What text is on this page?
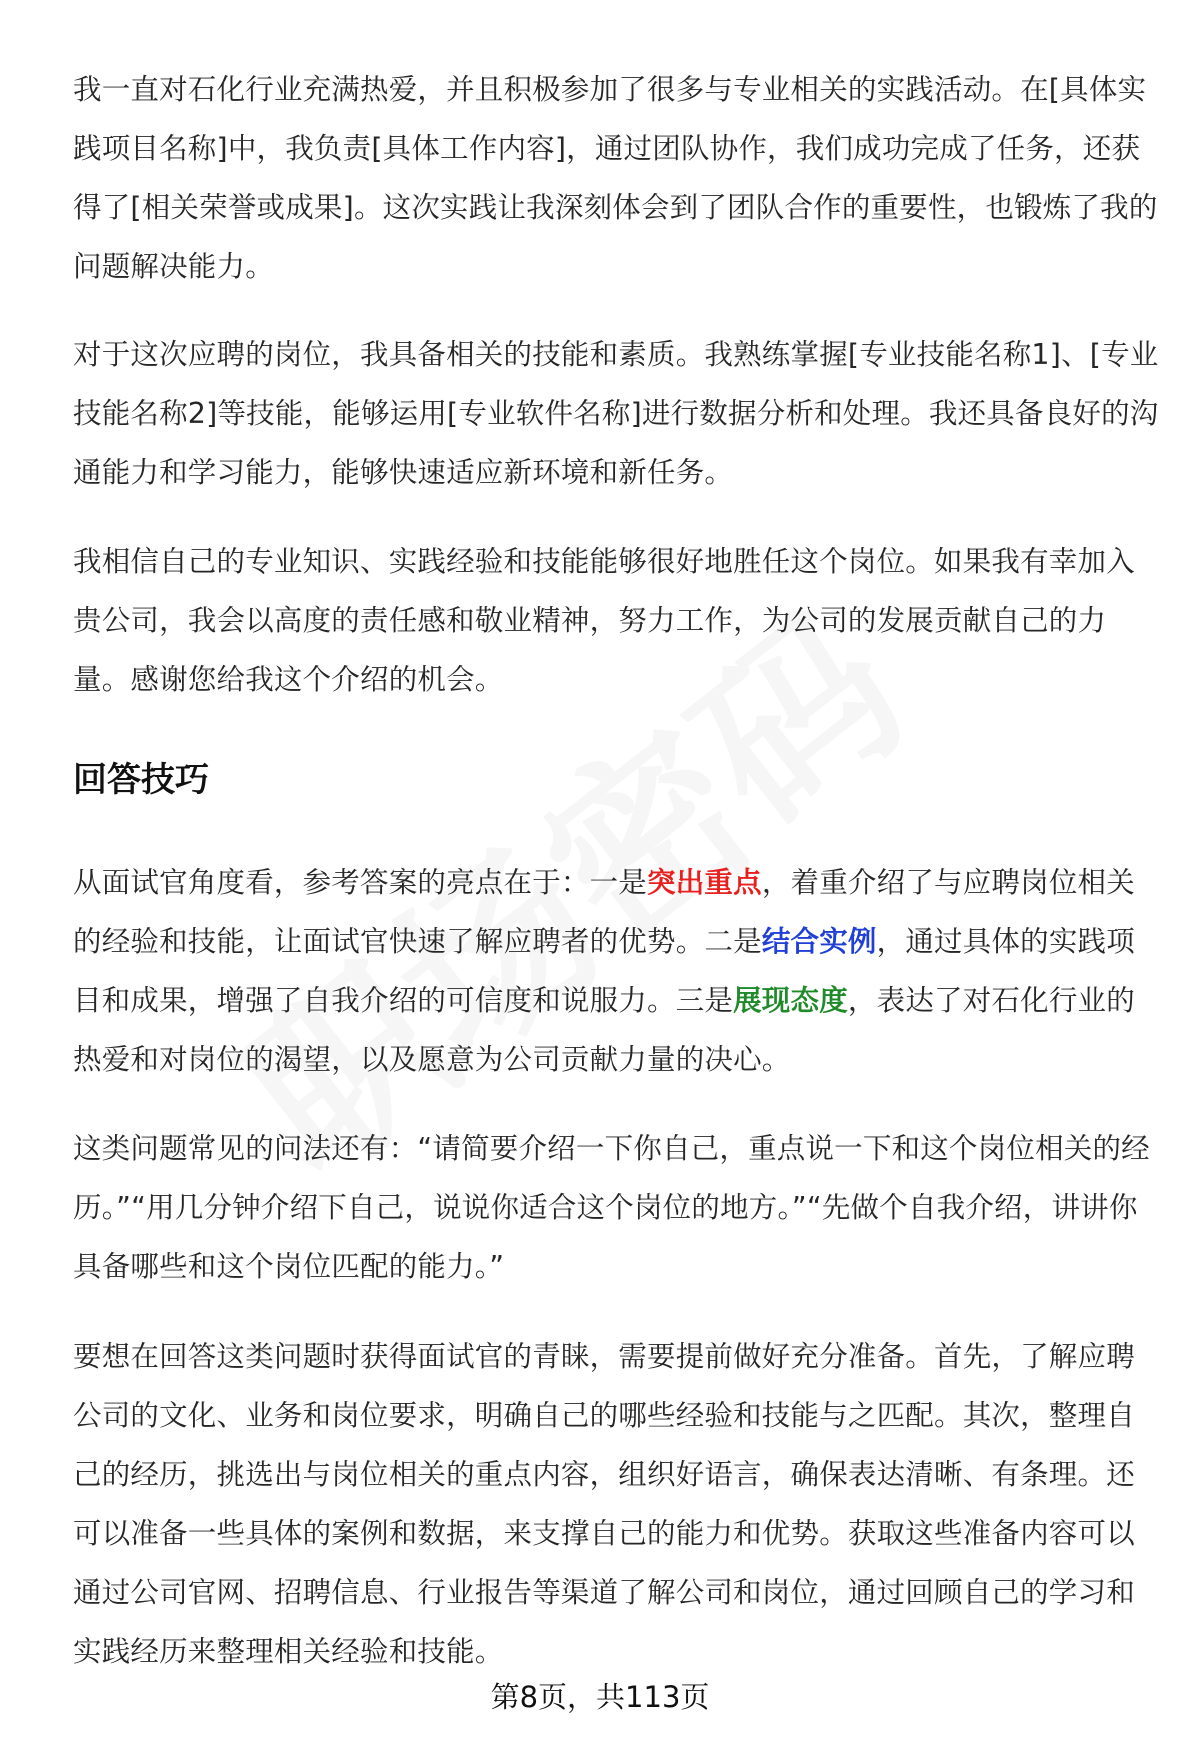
我一直对石化行业充满热爱，并且积极参加了很多与专业相关的实践活动。在[具体实践项目名称]中，我负责[具体工作内容]，通过团队协作，我们成功完成了任务，还获得了[相关荣誉或成果]。这次实践让我深刻体会到了团队合作的重要性，也锻炼了我的问题解决能力。

对于这次应聘的岗位，我具备相关的技能和素质。我熟练掌握[专业技能名称1]、[专业技能名称2]等技能，能够运用[专业软件名称]进行数据分析和处理。我还具备良好的沟通能力和学习能力，能够快速适应新环境和新任务。

我相信自己的专业知识、实践经验和技能能够很好地胜任这个岗位。如果我有幸加入贵公司，我会以高度的责任感和敬业精神，努力工作，为公司的发展贡献自己的力量。感谢您给我这个介绍的机会。

回答技巧

从面试官角度看，参考答案的亮点在于：一是突出重点，着重介绍了与应聘岗位相关的经验和技能，让面试官快速了解应聘者的优势。二是结合实例，通过具体的实践项目和成果，增强了自我介绍的可信度和说服力。三是展现态度，表达了对石化行业的热爱和对岗位的渴望，以及愿意为公司贡献力量的决心。

这类问题常见的问法还有：“请简要介绍一下你自己，重点说一下和这个岗位相关的经历。”“用几分钟介绍下自己，说说你适合这个岗位的地方。”“先做个自我介绍，讲讲你具备哪些和这个岗位匹配的能力。”

要想在回答这类问题时获得面试官的青睐，需要提前做好充分准备。首先，了解应聘公司的文化、业务和岗位要求，明确自己的哪些经验和技能与之匹配。其次，整理自己的经历，挑选出与岗位相关的重点内容，组织好语言，确保表达清晰、有条理。还可以准备一些具体的案例和数据，来支撑自己的能力和优势。获取这些准备内容可以通过公司官网、招聘信息、行业报告等渠道了解公司和岗位，通过回顾自己的学习和实践经历来整理相关经验和技能。

第8页，共113页
